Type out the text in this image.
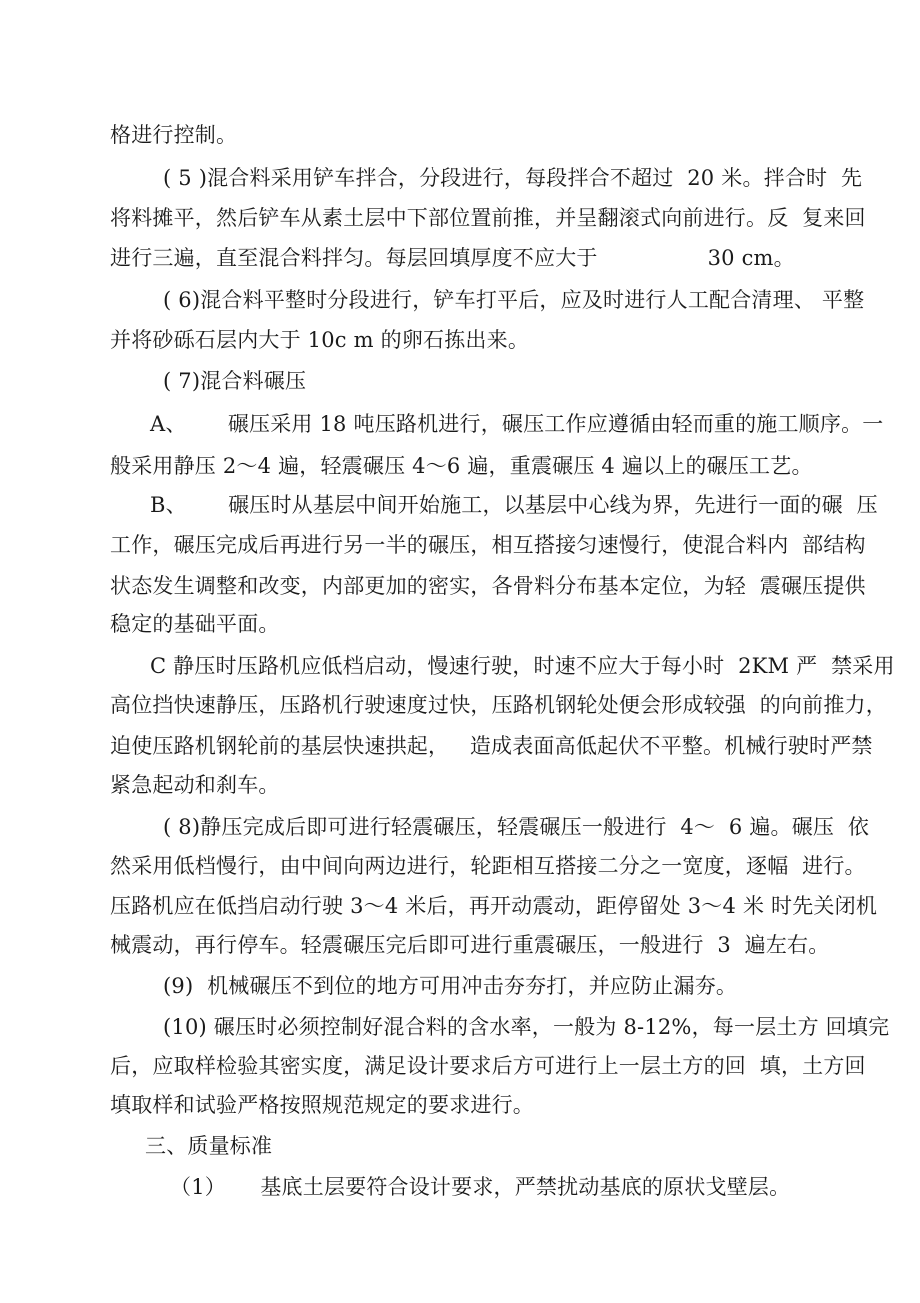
格进行控制。
( 5 )混合料采用铲车拌合，分段进行，每段拌合不超过  20 米。拌合时  先
将料摊平，然后铲车从素土层中下部位置前推，并呈翻滚式向前进行。反  复来回
进行三遍，直至混合料拌匀。每层回填厚度不应大于                30 cm。
( 6)混合料平整时分段进行，铲车打平后，应及时进行人工配合清理、 平整
并将砂砾石层内大于 10c m 的卵石拣出来。
( 7)混合料碾压
A、      碾压采用 18 吨压路机进行，碾压工作应遵循由轻而重的施工顺序。一
般采用静压 2～4 遍，轻震碾压 4～6 遍，重震碾压 4 遍以上的碾压工艺。
B、      碾压时从基层中间开始施工，以基层中心线为界，先进行一面的碾  压
工作，碾压完成后再进行另一半的碾压，相互搭接匀速慢行，使混合料内  部结构
状态发生调整和改变，内部更加的密实，各骨料分布基本定位，为轻  震碾压提供
稳定的基础平面。
C 静压时压路机应低档启动，慢速行驶，时速不应大于每小时  2KM 严  禁采用
高位挡快速静压，压路机行驶速度过快，压路机钢轮处便会形成较强  的向前推力，
迫使压路机钢轮前的基层快速拱起，   造成表面高低起伏不平整。机械行驶时严禁
紧急起动和刹车。
( 8)静压完成后即可进行轻震碾压，轻震碾压一般进行  4～  6 遍。碾压  依
然采用低档慢行，由中间向两边进行，轮距相互搭接二分之一宽度，逐幅  进行。
压路机应在低挡启动行驶 3～4 米后，再开动震动，距停留处 3～4 米 时先关闭机
械震动，再行停车。轻震碾压完后即可进行重震碾压，一般进行  3  遍左右。
(9)  机械碾压不到位的地方可用冲击夯夯打，并应防止漏夯。
(10) 碾压时必须控制好混合料的含水率，一般为 8-12%，每一层土方 回填完
后，应取样检验其密实度，满足设计要求后方可进行上一层土方的回  填，土方回
填取样和试验严格按照规范规定的要求进行。
三、质量标准
（1）     基底土层要符合设计要求，严禁扰动基底的原状戈壁层。
